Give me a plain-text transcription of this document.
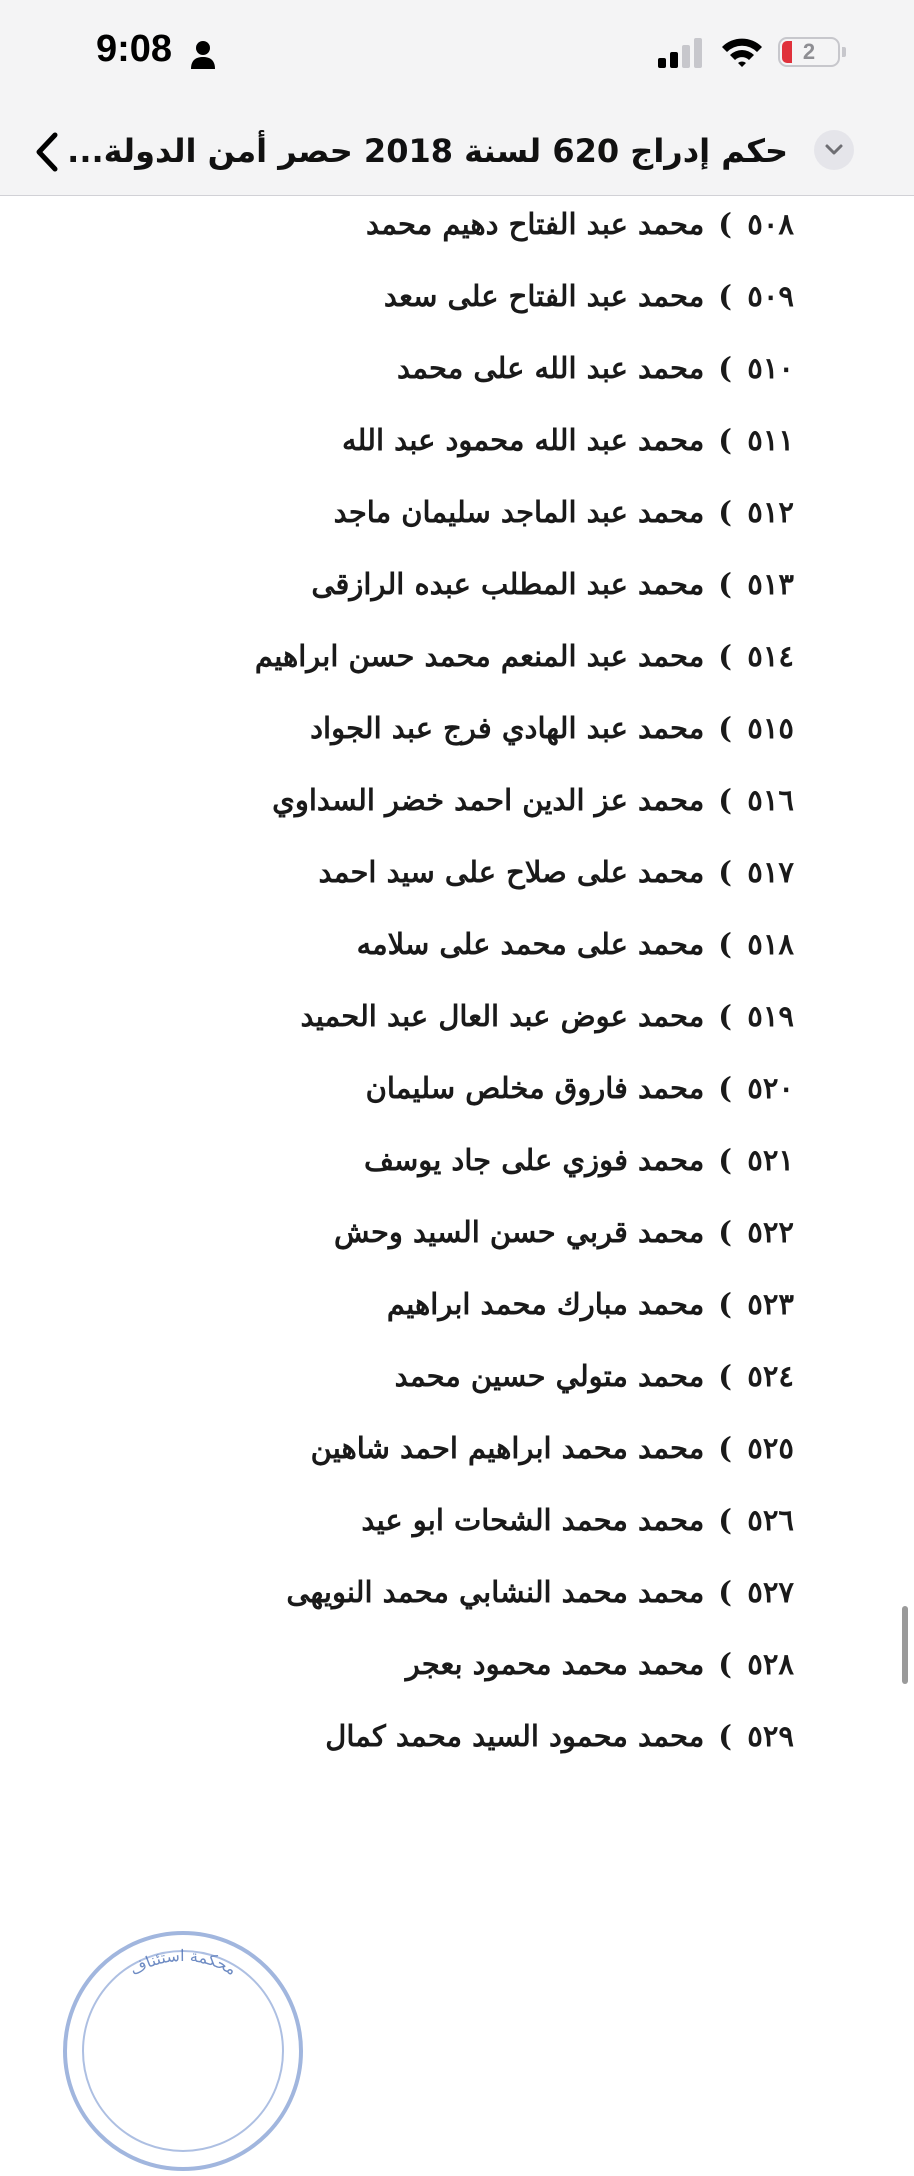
9:08	2
حكم إدراج 620 لسنة 2018 حصر أمن الدولة...
٥٠٨)محمد عبد الفتاح دهيم محمد
٥٠٩)محمد عبد الفتاح على سعد
٥١٠)محمد عبد الله على محمد
٥١١)محمد عبد الله محمود عبد الله
٥١٢)محمد عبد الماجد سليمان ماجد
٥١٣)محمد عبد المطلب عبده الرازقى
٥١٤)محمد عبد المنعم محمد حسن ابراهيم
٥١٥)محمد عبد الهادي فرج عبد الجواد
٥١٦)محمد عز الدين احمد خضر السداوي
٥١٧)محمد على صلاح على سيد احمد
٥١٨)محمد على محمد على سلامه
٥١٩)محمد عوض عبد العال عبد الحميد
٥٢٠)محمد فاروق مخلص سليمان
٥٢١)محمد فوزي على جاد يوسف
٥٢٢)محمد قربي حسن السيد وحش
٥٢٣)محمد مبارك محمد ابراهيم
٥٢٤)محمد متولي حسين محمد
٥٢٥)محمد محمد ابراهيم احمد شاهين
٥٢٦)محمد محمد الشحات ابو عيد
٥٢٧)محمد محمد النشابي محمد النويهى
٥٢٨)محمد محمد محمود بعجر
٥٢٩)محمد محمود السيد محمد كمال
محكمة استئناف
